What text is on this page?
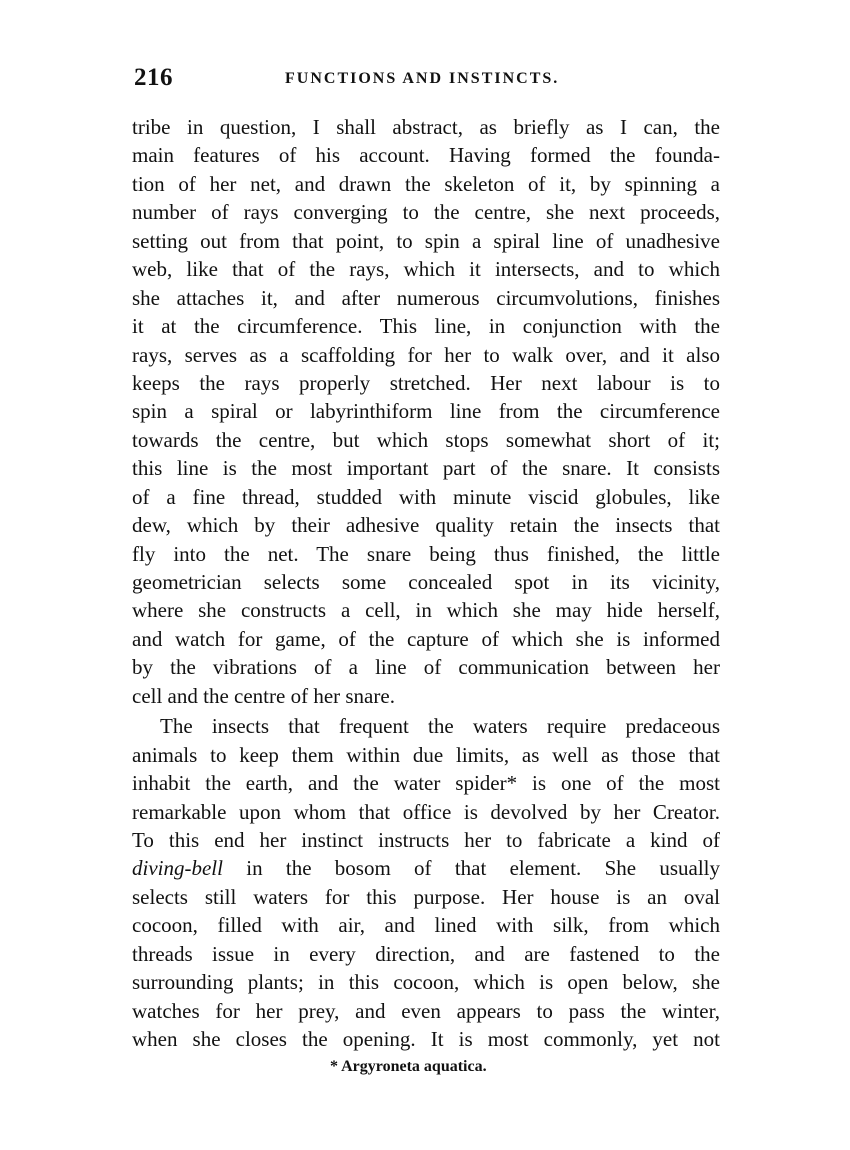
216	FUNCTIONS AND INSTINCTS.
tribe in question, I shall abstract, as briefly as I can, the
main features of his account. Having formed the founda-
tion of her net, and drawn the skeleton of it, by spinning a
number of rays converging to the centre, she next proceeds,
setting out from that point, to spin a spiral line of unadhesive
web, like that of the rays, which it intersects, and to which
she attaches it, and after numerous circumvolutions, finishes
it at the circumference. This line, in conjunction with the
rays, serves as a scaffolding for her to walk over, and it also
keeps the rays properly stretched. Her next labour is to
spin a spiral or labyrinthiform line from the circumference
towards the centre, but which stops somewhat short of it;
this line is the most important part of the snare. It consists
of a fine thread, studded with minute viscid globules, like
dew, which by their adhesive quality retain the insects that
fly into the net. The snare being thus finished, the little
geometrician selects some concealed spot in its vicinity,
where she constructs a cell, in which she may hide herself,
and watch for game, of the capture of which she is informed
by the vibrations of a line of communication between her
cell and the centre of her snare.
The insects that frequent the waters require predaceous
animals to keep them within due limits, as well as those that
inhabit the earth, and the water spider* is one of the most
remarkable upon whom that office is devolved by her Creator.
To this end her instinct instructs her to fabricate a kind of
diving-bell in the bosom of that element. She usually
selects still waters for this purpose. Her house is an oval
cocoon, filled with air, and lined with silk, from which
threads issue in every direction, and are fastened to the
surrounding plants; in this cocoon, which is open below, she
watches for her prey, and even appears to pass the winter,
when she closes the opening. It is most commonly, yet not
* Argyroneta aquatica.
